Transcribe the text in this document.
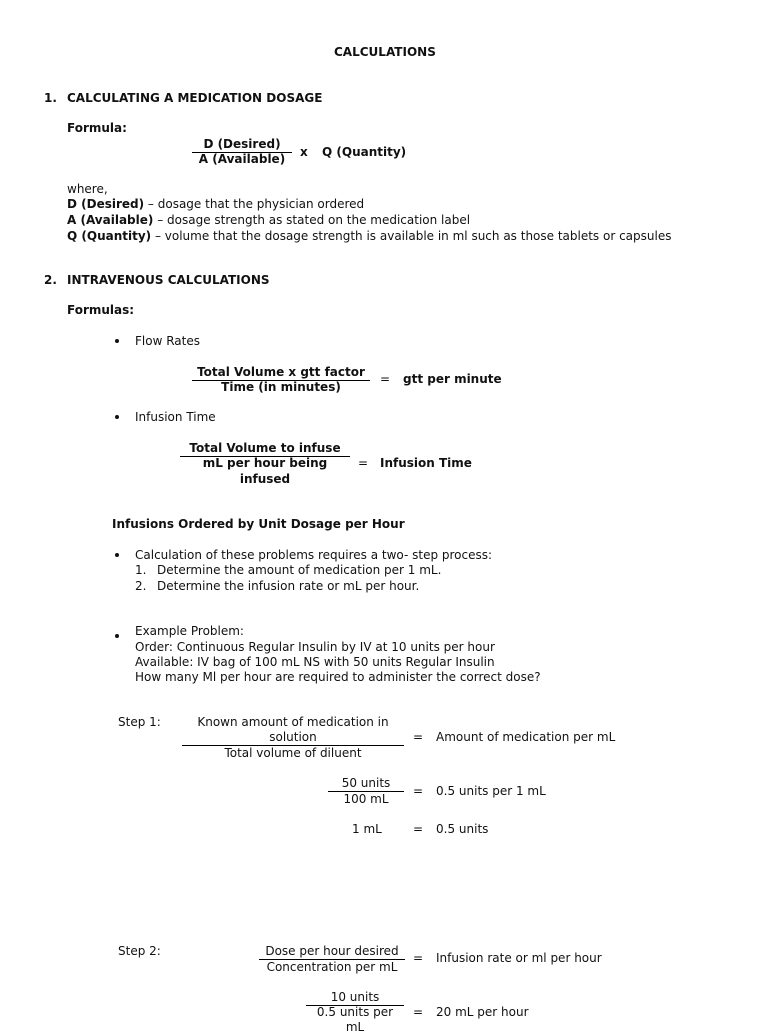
CALCULATIONS
1. CALCULATING A MEDICATION DOSAGE
Formula:
D (Desired)
A (Available)	x Q (Quantity)
where,
D (Desired) – dosage that the physician ordered
A (Available) – dosage strength as stated on the medication label
Q (Quantity) – volume that the dosage strength is available in ml such as those tablets or capsules
2. INTRAVENOUS CALCULATIONS
Formulas:
Flow Rates
Total Volume x gtt factor
Time (in minutes)
= gtt per minute
Infusion Time
Total Volume to infuse
mL per hour being
infused
= Infusion Time
Infusions Ordered by Unit Dosage per Hour
Calculation of these problems requires a two- step process:
1. Determine the amount of medication per 1 mL.
2. Determine the infusion rate or mL per hour.
Example Problem:
Order: Continuous Regular Insulin by IV at 10 units per hour
Available: IV bag of 100 mL NS with 50 units Regular Insulin
How many Ml per hour are required to administer the correct dose?
Step 1:	Known amount of medication in
solution
Total volume of diluent
= Amount of medication per mL
50 units
100 mL
= 0.5 units per 1 mL
1 mL	= 0.5 units
Step 2:	Dose per hour desired
Concentration per mL
= Infusion rate or ml per hour
10 units
0.5 units per
mL
= 20 mL per hour
